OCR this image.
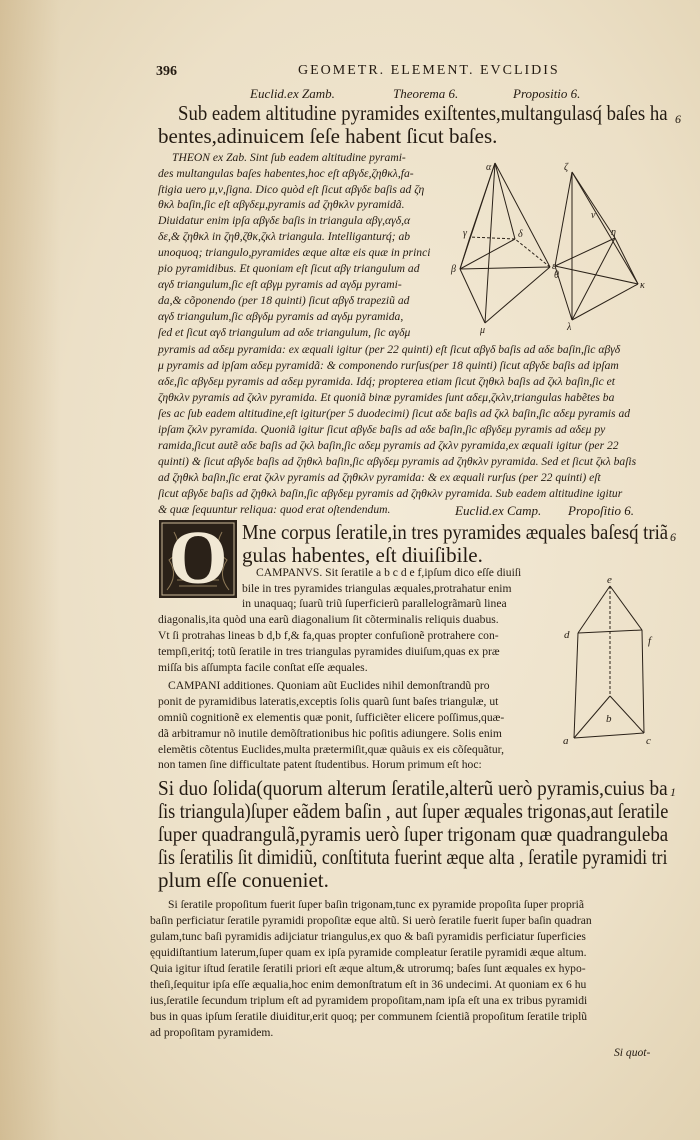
396	GEOMETR. ELEMENT. EVCLIDIS
Euclid.ex Zamb.	Theorema 6.	Propositio 6.
Sub eadem altitudine pyramides exiſtentes,multangulasq́ baſes ha
bentes,adinuicem ſeſe habent ſicut baſes.
6
THEON ex Zab. Sint ſub eadem altitudine pyrami-
des multangulas baſes habentes,hoc eſt αβγδε,ζηθκλ,fa-
ſtigia uero μ,ν,ſigna. Dico quòd eſt ſicut αβγδε baſis ad ζη
θκλ baſin,ſic eſt αβγδεμ,pyramis ad ζηθκλν pyramidã.
Diuidatur enim ipſa αβγδε baſis in triangula αβγ,αγδ,α
δε,& ζηθκλ in ζηθ,ζθκ,ζκλ triangula. Intelliganturq́; ab
unoquoq; triangulo,pyramides æque altæ eis quæ in princi
pio pyramidibus. Et quoniam eſt ſicut αβγ triangulum ad
αγδ triangulum,ſic eſt αβγμ pyramis ad αγδμ pyrami-
da,& cõponendo (per 18 quinti) ſicut αβγδ trapeziũ ad
αγδ triangulum,ſic αβγδμ pyramis ad αγδμ pyramida,
ſed et ſicut αγδ triangulum ad αδε triangulum, ſic αγδμ
α
γ
β
δ
ε
μ
ζ
θ
η
κ
λ
ν
pyramis ad αδεμ pyramida: ex æquali igitur (per 22 quinti) eſt ſicut αβγδ baſis ad αδε baſin,ſic αβγδ
μ pyramis ad ipſam αδεμ pyramidã: & componendo rurſus(per 18 quinti) ſicut αβγδε baſis ad ipſam
αδε,ſic αβγδεμ pyramis ad αδεμ pyramida. Idq́; propterea etiam ſicut ζηθκλ baſis ad ζκλ baſin,ſic et
ζηθκλν pyramis ad ζκλν pyramida. Et quoniã binæ pyramides ſunt αδεμ,ζκλν,triangulas habẽtes ba
ſes ac ſub eadem altitudine,eſt igitur(per 5 duodecimi) ſicut αδε baſis ad ζκλ baſin,ſic αδεμ pyramis ad
ipſam ζκλν pyramida. Quoniã igitur ſicut αβγδε baſis ad αδε baſin,ſic αβγδεμ pyramis ad αδεμ py
ramida,ſicut autẽ αδε baſis ad ζκλ baſin,ſic αδεμ pyramis ad ζκλν pyramida,ex æquali igitur (per 22
quinti) & ſicut αβγδε baſis ad ζηθκλ baſin,ſic αβγδεμ pyramis ad ζηθκλν pyramida. Sed et ſicut ζκλ baſis
ad ζηθκλ baſin,ſic erat ζκλν pyramis ad ζηθκλν pyramida: & ex æquali rurſus (per 22 quinti) eſt
ſicut αβγδε baſis ad ζηθκλ baſin,ſic αβγδεμ pyramis ad ζηθκλν pyramida. Sub eadem altitudine igitur
& quæ ſequuntur reliqua: quod erat oſtendendum.	Euclid.ex Camp. Propoſitio 6.
O Mne corpus ſeratile,in tres pyramides æquales baſesq́ triã
gulas habentes, eſt diuiſibile.
6
CAMPANVS. Sit ſeratile a b c d e f,ipſum dico eſſe diuiſi
bile in tres pyramides triangulas æquales,protrahatur enim
in unaquaq; ſuarũ triũ ſuperficierũ parallelogrãmarũ linea
diagonalis,ita quòd una earũ diagonalium ſit cõterminalis reliquis duabus.
Vt ſi protrahas lineas b d,b f,& fa,quas propter confuſionẽ protrahere con-
tempſi,eritq́; totũ ſeratile in tres triangulas pyramides diuiſum,quas ex præ
miſſa bis aſſumpta facile conſtat eſſe æquales.
CAMPANI additiones. Quoniam aũt Euclides nihil demonſtrandũ pro
ponit de pyramidibus lateratis,exceptis ſolis quarũ ſunt baſes triangulæ, ut
omniũ cognitionẽ ex elementis quæ ponit, ſufficiẽter elicere poſſimus,quæ-
dã arbitramur nõ inutile demõſtrationibus hic poſitis adiungere. Solis enim
elemẽtis cõtentus Euclides,multa prætermiſit,quæ quãuis ex eis cõſequãtur,
non tamen ſine difficultate patent ſtudentibus. Horum primum eſt hoc:
e
d	f
b
a	c
Si duo ſolida(quorum alterum ſeratile,alterũ uerò pyramis,cuius ba
ſis triangula)ſuper eãdem baſin , aut ſuper æquales trigonas,aut ſeratile
ſuper quadrangulã,pyramis uerò ſuper trigonam quæ quadranguleba
ſis ſeratilis ſit dimidiũ, conſtituta fuerint æque alta , ſeratile pyramidi tri
plum eſſe conueniet.
1
Si ſeratile propoſitum fuerit ſuper baſin trigonam,tunc ex pyramide propoſita ſuper propriã
baſin perficiatur ſeratile pyramidi propoſitæ eque altũ. Si uerò ſeratile fuerit ſuper baſin quadran
gulam,tunc baſi pyramidis adijciatur triangulus,ex quo & baſi pyramidis perficiatur ſuperficies
ęquidiſtantium laterum,ſuper quam ex ipſa pyramide compleatur ſeratile pyramidi æque altum.
Quia igitur iſtud ſeratile ſeratili priori eſt æque altum,& utrorumq; baſes ſunt æquales ex hypo-
theſi,ſequitur ipſa eſſe æqualia,hoc enim demonſtratum eſt in 36 undecimi. At quoniam ex 6 hu
ius,ſeratile ſecundum triplum eſt ad pyramidem propoſitam,nam ipſa eſt una ex tribus pyramidi
bus in quas ipſum ſeratile diuiditur,erit quoq; per communem ſcientiã propoſitum ſeratile triplũ
ad propoſitam pyramidem.
Si quot-
